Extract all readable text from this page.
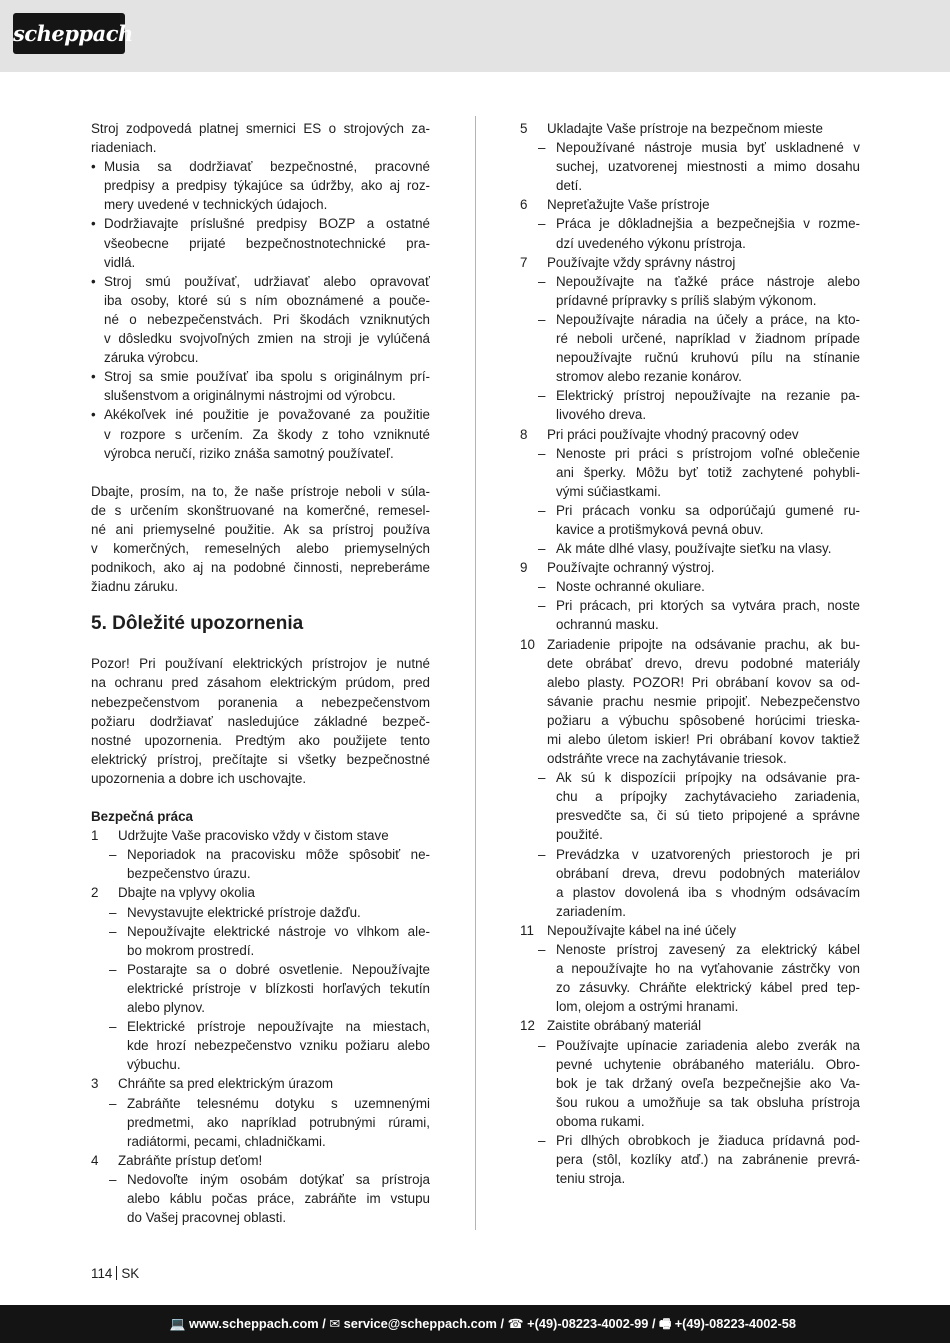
scheppach
Stroj zodpovedá platnej smernici ES o strojových za-
riadeniach.
• Musia sa dodržiavať bezpečnostné, pracovné
predpisy a predpisy týkajúce sa údržby, ako aj roz-
mery uvedené v technických údajoch.
• Dodržiavajte príslušné predpisy BOZP a ostatné
všeobecne prijaté bezpečnostnotechnické pra-
vidlá.
• Stroj smú používať, udržiavať alebo opravovať
iba osoby, ktoré sú s ním oboznámené a pouče-
né o nebezpečenstvách. Pri škodách vzniknutých
v dôsledku svojvoľných zmien na stroji je vylúčená
záruka výrobcu.
• Stroj sa smie používať iba spolu s originálnym prí-
slušenstvom a originálnymi nástrojmi od výrobcu.
• Akékoľvek iné použitie je považované za použitie
v rozpore s určením. Za škody z toho vzniknuté
výrobca neručí, riziko znáša samotný používateľ.
Dbajte, prosím, na to, že naše prístroje neboli v súla-
de s určením skonštruované na komerčné, remesel-
né ani priemyselné použitie. Ak sa prístroj používa
v komerčných, remeselných alebo priemyselných
podnikoch, ako aj na podobné činnosti, nepreberáme
žiadnu záruku.
5. Dôležité upozornenia
Pozor! Pri používaní elektrických prístrojov je nutné
na ochranu pred zásahom elektrickým prúdom, pred
nebezpečenstvom poranenia a nebezpečenstvom
požiaru dodržiavať nasledujúce základné bezpeč-
nostné upozornenia. Predtým ako použijete tento
elektrický prístroj, prečítajte si všetky bezpečnostné
upozornenia a dobre ich uschovajte.
Bezpečná práca
1 Udržujte Vaše pracovisko vždy v čistom stave
– Neporiadok na pracovisku môže spôsobiť ne-
bezpečenstvo úrazu.
2 Dbajte na vplyvy okolia
– Nevystavujte elektrické prístroje dažďu.
– Nepoužívajte elektrické nástroje vo vlhkom ale-
bo mokrom prostredí.
– Postarajte sa o dobré osvetlenie. Nepoužívajte
elektrické prístroje v blízkosti horľavých tekutín
alebo plynov.
– Elektrické prístroje nepoužívajte na miestach,
kde hrozí nebezpečenstvo vzniku požiaru alebo
výbuchu.
3 Chráňte sa pred elektrickým úrazom
– Zabráňte telesnému dotyku s uzemnenými
predmetmi, ako napríklad potrubnými rúrami,
radiátormi, pecami, chladničkami.
4 Zabráňte prístup deťom!
– Nedovoľte iným osobám dotýkať sa prístroja
alebo káblu počas práce, zabráňte im vstupu
do Vašej pracovnej oblasti.
5 Ukladajte Vaše prístroje na bezpečnom mieste
– Nepoužívané nástroje musia byť uskladnené v
suchej, uzatvorenej miestnosti a mimo dosahu
detí.
6 Nepreťažujte Vaše prístroje
– Práca je dôkladnejšia a bezpečnejšia v rozme-
dzí uvedeného výkonu prístroja.
7 Používajte vždy správny nástroj
– Nepoužívajte na ťažké práce nástroje alebo
prídavné prípravky s príliš slabým výkonom.
– Nepoužívajte náradia na účely a práce, na kto-
ré neboli určené, napríklad v žiadnom prípade
nepoužívajte ručnú kruhovú pílu na stínanie
stromov alebo rezanie konárov.
– Elektrický prístroj nepoužívajte na rezanie pa-
livového dreva.
8 Pri práci používajte vhodný pracovný odev
– Nenoste pri práci s prístrojom voľné oblečenie
ani šperky. Môžu byť totiž zachytené pohybli-
vými súčiastkami.
– Pri prácach vonku sa odporúčajú gumené ru-
kavice a protišmyková pevná obuv.
– Ak máte dlhé vlasy, používajte sieťku na vlasy.
9 Používajte ochranný výstroj.
– Noste ochranné okuliare.
– Pri prácach, pri ktorých sa vytvára prach, noste
ochrannú masku.
10 Zariadenie pripojte na odsávanie prachu, ak bu-
dete obrábať drevo, drevu podobné materiály
alebo plasty. POZOR! Pri obrábaní kovov sa od-
sávanie prachu nesmie pripojiť. Nebezpečenstvo
požiaru a výbuchu spôsobené horúcimi trieska-
mi alebo úletom iskier! Pri obrábaní kovov taktiež
odstráňte vrece na zachytávanie triesok.
– Ak sú k dispozícii prípojky na odsávanie pra-
chu a prípojky zachytávacieho zariadenia,
presvedčte sa, či sú tieto pripojené a správne
použité.
– Prevádzka v uzatvorených priestoroch je pri
obrábaní dreva, drevu podobných materiálov
a plastov dovolená iba s vhodným odsávacím
zariadením.
11 Nepoužívajte kábel na iné účely
– Nenoste prístroj zavesený za elektrický kábel
a nepoužívajte ho na vyťahovanie zástrčky von
zo zásuvky. Chráňte elektrický kábel pred tep-
lom, olejom a ostrými hranami.
12 Zaistite obrábaný materiál
– Používajte upínacie zariadenia alebo zverák na
pevné uchytenie obrábaného materiálu. Obro-
bok je tak držaný oveľa bezpečnejšie ako Va-
šou rukou a umožňuje sa tak obsluha prístroja
oboma rukami.
– Pri dlhých obrobkoch je žiaduca prídavná pod-
pera (stôl, kozlíky atď.) na zabránenie prevrá-
teniu stroja.
114 SK
💻 www.scheppach.com / ✉ service@scheppach.com / ☎ +(49)-08223-4002-99 / 🖷 +(49)-08223-4002-58
